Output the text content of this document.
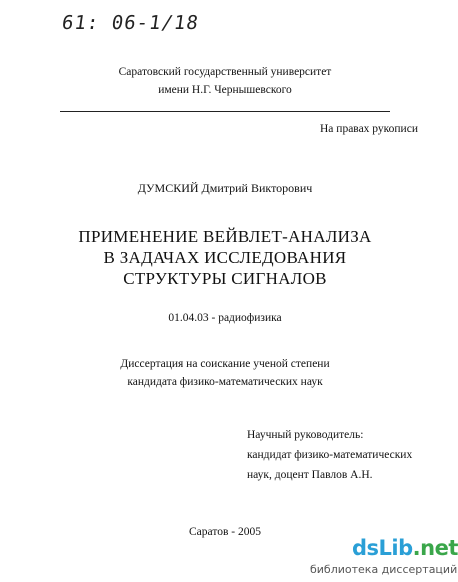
61: 06-1/18
Саратовский государственный университет
имени Н.Г. Чернышевского
На правах рукописи
ДУМСКИЙ Дмитрий Викторович
ПРИМЕНЕНИЕ ВЕЙВЛЕТ-АНАЛИЗА
В ЗАДАЧАХ ИССЛЕДОВАНИЯ
СТРУКТУРЫ СИГНАЛОВ
01.04.03 - радиофизика
Диссертация на соискание ученой степени
кандидата физико-математических наук
Научный руководитель:
кандидат физико-математических
наук, доцент Павлов А.Н.
Саратов - 2005
dsLib.net
библиотека диссертаций
